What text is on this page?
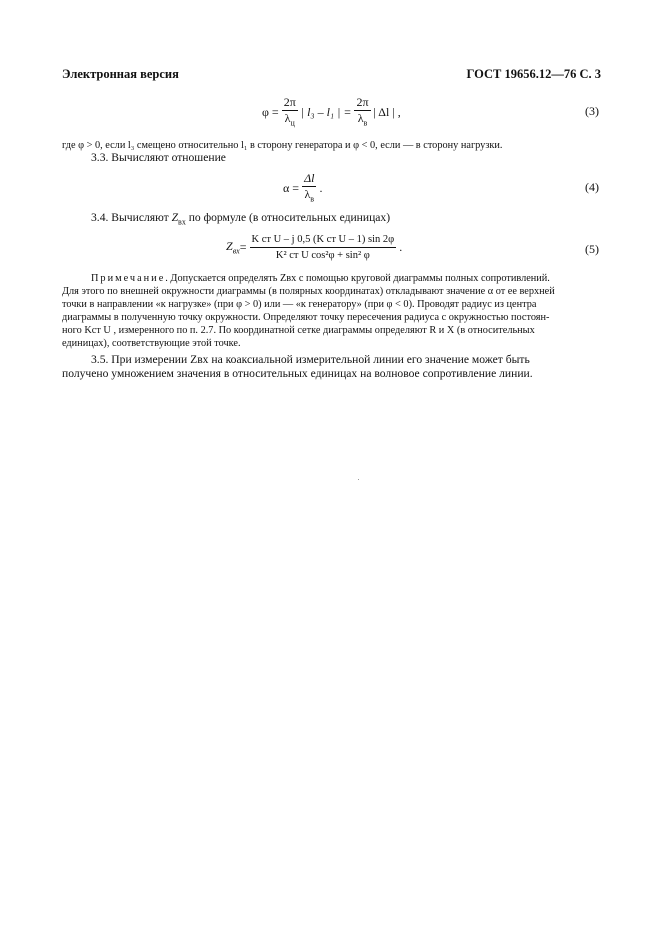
Электронная версия	ГОСТ 19656.12—76 С. 3
$\varphi = \frac{2\pi}{\lambda_ц}$ | l₃ – l₁ | = $\frac{2\pi}{\lambda_в}$ | Δl | ,	(3)
где φ > 0, если l₃ смещено относительно l₁ в сторону генератора и φ < 0, если — в сторону нагрузки.
3.3. Вычисляют отношение
$\alpha = \frac{\Delta l}{\lambda_в}$ .	(4)
3.4. Вычисляют $Z_{вх}$ по формуле (в относительных единицах)
$Z_{вх} = \frac{\text{K ст U – j 0,5 (K ст U – 1) sin 2φ}}{\text{K² ст U cos²φ + sin² φ}}$ .	(5)
Примечание. Допускается определять Zвх с помощью круговой диаграммы полных сопротивлений.
Для этого по внешней окружности диаграммы (в полярных координатах) откладывают значение α от ее верхней
точки в направлении «к нагрузке» (при φ > 0) или — «к генератору» (при φ < 0). Проводят радиус из центра
диаграммы в полученную точку окружности. Определяют точку пересечения радиуса с окружностью постоян-
ного Kст U , измеренного по п. 2.7. По координатной сетке диаграммы определяют R и X (в относительных
единицах), соответствующие этой точке.
3.5. При измерении Zвх на коаксиальной измерительной линии его значение может быть
получено умножением значения в относительных единицах на волновое сопротивление линии.
